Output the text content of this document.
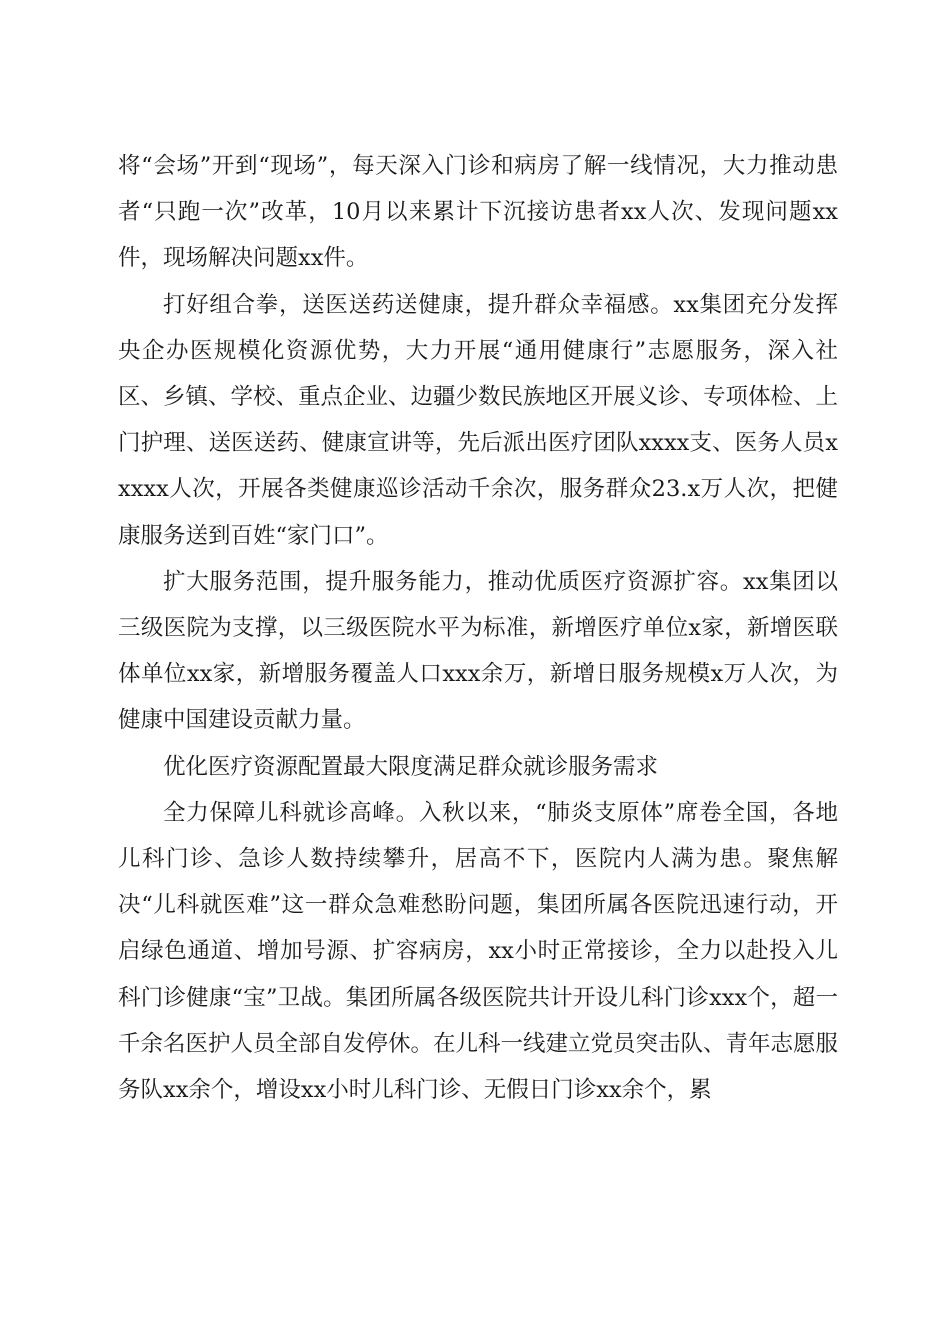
将“会场”开到“现场”，每天深入门诊和病房了解一线情况，大力推动患者“只跑一次”改革，10月以来累计下沉接访患者xx人次、发现问题xx件，现场解决问题xx件。

打好组合拳，送医送药送健康，提升群众幸福感。xx集团充分发挥央企办医规模化资源优势，大力开展“通用健康行”志愿服务，深入社区、乡镇、学校、重点企业、边疆少数民族地区开展义诊、专项体检、上门护理、送医送药、健康宣讲等，先后派出医疗团队xxxx支、医务人员xxxxx人次，开展各类健康巡诊活动千余次，服务群众23.x万人次，把健康服务送到百姓“家门口”。

扩大服务范围，提升服务能力，推动优质医疗资源扩容。xx集团以三级医院为支撑，以三级医院水平为标准，新增医疗单位x家，新增医联体单位xx家，新增服务覆盖人口xxx余万，新增日服务规模x万人次，为健康中国建设贡献力量。

优化医疗资源配置最大限度满足群众就诊服务需求

全力保障儿科就诊高峰。入秋以来，“肺炎支原体”席卷全国，各地儿科门诊、急诊人数持续攀升，居高不下，医院内人满为患。聚焦解决“儿科就医难”这一群众急难愁盼问题，集团所属各医院迅速行动，开启绿色通道、增加号源、扩容病房，xx小时正常接诊，全力以赴投入儿科门诊健康“宝”卫战。集团所属各级医院共计开设儿科门诊xxx个，超一千余名医护人员全部自发停休。在儿科一线建立党员突击队、青年志愿服务队xx余个，增设xx小时儿科门诊、无假日门诊xx余个，累
